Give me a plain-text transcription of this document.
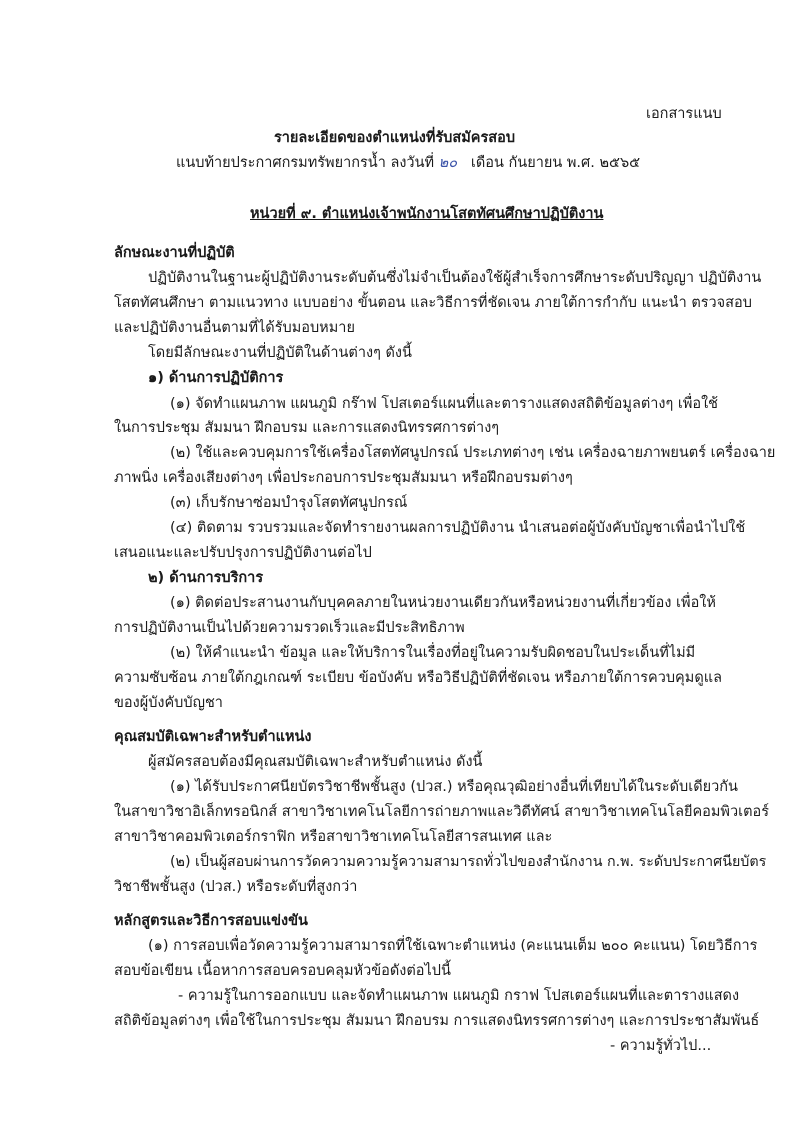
เอกสารแนบ
รายละเอียดของตำแหน่งที่รับสมัครสอบ
แนบท้ายประกาศกรมทรัพยากรน้ำ ลงวันที่ ๒๐ เดือน กันยายน พ.ศ. ๒๕๖๕
หน่วยที่ ๙. ตำแหน่งเจ้าพนักงานโสตทัศนศึกษาปฏิบัติงาน
ลักษณะงานที่ปฏิบัติ
ปฏิบัติงานในฐานะผู้ปฏิบัติงานระดับต้นซึ่งไม่จำเป็นต้องใช้ผู้สำเร็จการศึกษาระดับปริญญา ปฏิบัติงาน
โสตทัศนศึกษา ตามแนวทาง แบบอย่าง ขั้นตอน และวิธีการที่ชัดเจน ภายใต้การกำกับ แนะนำ ตรวจสอบ
และปฏิบัติงานอื่นตามที่ได้รับมอบหมาย
โดยมีลักษณะงานที่ปฏิบัติในด้านต่างๆ ดังนี้
๑) ด้านการปฏิบัติการ
(๑) จัดทำแผนภาพ แผนภูมิ กร๊าฟ โปสเตอร์แผนที่และตารางแสดงสถิติข้อมูลต่างๆ เพื่อใช้
ในการประชุม สัมมนา ฝึกอบรม และการแสดงนิทรรศการต่างๆ
(๒) ใช้และควบคุมการใช้เครื่องโสตทัศนูปกรณ์ ประเภทต่างๆ เช่น เครื่องฉายภาพยนตร์ เครื่องฉาย
ภาพนิ่ง เครื่องเสียงต่างๆ เพื่อประกอบการประชุมสัมมนา หรือฝึกอบรมต่างๆ
(๓) เก็บรักษาซ่อมบำรุงโสตทัศนูปกรณ์
(๔) ติดตาม รวบรวมและจัดทำรายงานผลการปฏิบัติงาน นำเสนอต่อผู้บังคับบัญชาเพื่อนำไปใช้
เสนอแนะและปรับปรุงการปฏิบัติงานต่อไป
๒) ด้านการบริการ
(๑) ติดต่อประสานงานกับบุคคลภายในหน่วยงานเดียวกันหรือหน่วยงานที่เกี่ยวข้อง เพื่อให้
การปฏิบัติงานเป็นไปด้วยความรวดเร็วและมีประสิทธิภาพ
(๒) ให้คำแนะนำ ข้อมูล และให้บริการในเรื่องที่อยู่ในความรับผิดชอบในประเด็นที่ไม่มี
ความซับซ้อน ภายใต้กฎเกณฑ์ ระเบียบ ข้อบังคับ หรือวิธีปฏิบัติที่ชัดเจน หรือภายใต้การควบคุมดูแล
ของผู้บังคับบัญชา
คุณสมบัติเฉพาะสำหรับตำแหน่ง
ผู้สมัครสอบต้องมีคุณสมบัติเฉพาะสำหรับตำแหน่ง ดังนี้
(๑) ได้รับประกาศนียบัตรวิชาชีพชั้นสูง (ปวส.) หรือคุณวุฒิอย่างอื่นที่เทียบได้ในระดับเดียวกัน
ในสาขาวิชาอิเล็กทรอนิกส์ สาขาวิชาเทคโนโลยีการถ่ายภาพและวิดีทัศน์ สาขาวิชาเทคโนโลยีคอมพิวเตอร์
สาขาวิชาคอมพิวเตอร์กราฟิก หรือสาขาวิชาเทคโนโลยีสารสนเทศ และ
(๒) เป็นผู้สอบผ่านการวัดความความรู้ความสามารถทั่วไปของสำนักงาน ก.พ. ระดับประกาศนียบัตร
วิชาชีพชั้นสูง (ปวส.) หรือระดับที่สูงกว่า
หลักสูตรและวิธีการสอบแข่งขัน
(๑) การสอบเพื่อวัดความรู้ความสามารถที่ใช้เฉพาะตำแหน่ง (คะแนนเต็ม ๒๐๐ คะแนน) โดยวิธีการ
สอบข้อเขียน เนื้อหาการสอบครอบคลุมหัวข้อดังต่อไปนี้
- ความรู้ในการออกแบบ และจัดทำแผนภาพ แผนภูมิ กราฟ โปสเตอร์แผนที่และตารางแสดง
สถิติข้อมูลต่างๆ เพื่อใช้ในการประชุม สัมมนา ฝึกอบรม การแสดงนิทรรศการต่างๆ และการประชาสัมพันธ์
- ความรู้ทั่วไป...
